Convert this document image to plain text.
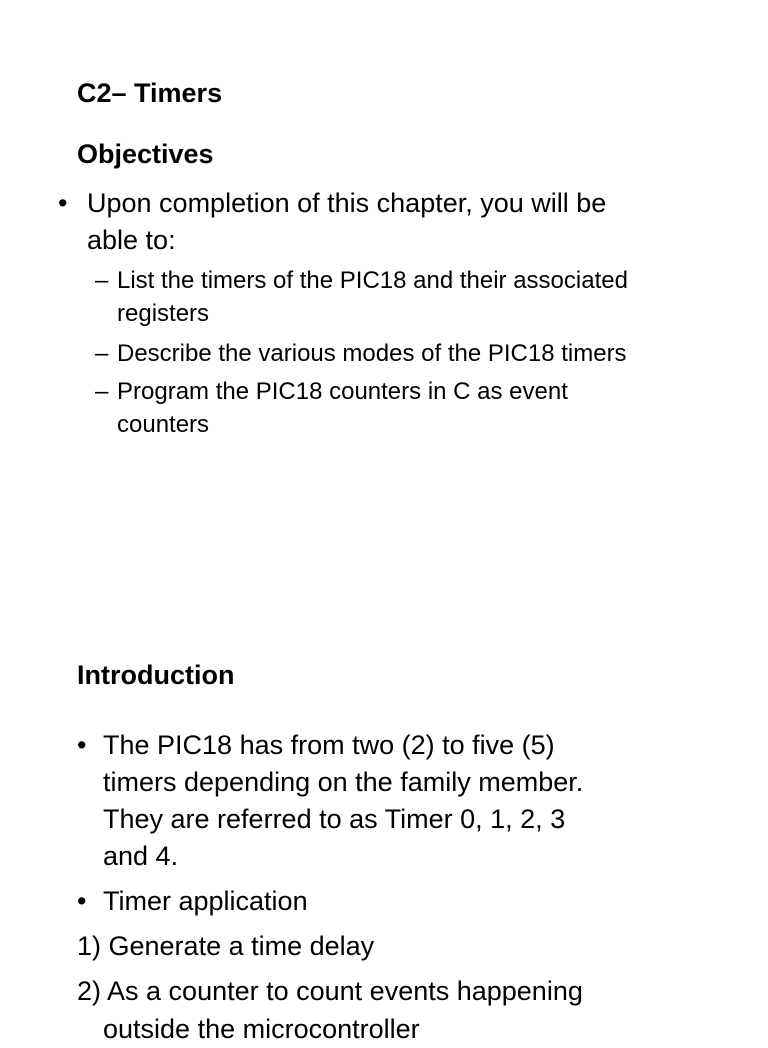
C2– Timers
Objectives
• Upon completion of this chapter, you will be
able to:
– List the timers of the PIC18 and their associated
registers
– Describe the various modes of the PIC18 timers
– Program the PIC18 counters in C as event
counters
Introduction
• The PIC18 has from two (2) to five (5)
timers depending on the family member.
They are referred to as Timer 0, 1, 2, 3
and 4.
• Timer application
1) Generate a time delay
2) As a counter to count events happening
outside the microcontroller
